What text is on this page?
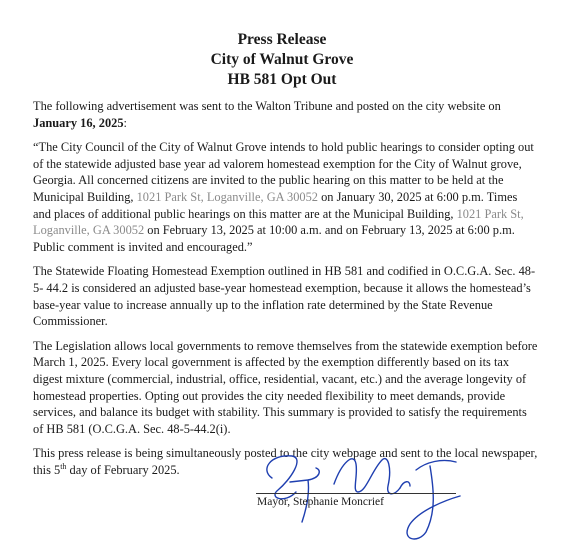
Press Release
City of Walnut Grove
HB 581 Opt Out

The following advertisement was sent to the Walton Tribune and posted on the city website on January 16, 2025:

“The City Council of the City of Walnut Grove intends to hold public hearings to consider opting out of the statewide adjusted base year ad valorem homestead exemption for the City of Walnut grove, Georgia. All concerned citizens are invited to the public hearing on this matter to be held at the Municipal Building, 1021 Park St, Loganville, GA 30052 on January 30, 2025 at 6:00 p.m. Times and places of additional public hearings on this matter are at the Municipal Building, 1021 Park St, Loganville, GA 30052 on February 13, 2025 at 10:00 a.m. and on February 13, 2025 at 6:00 p.m. Public comment is invited and encouraged.”

The Statewide Floating Homestead Exemption outlined in HB 581 and codified in O.C.G.A. Sec. 48-5- 44.2 is considered an adjusted base-year homestead exemption, because it allows the homestead’s base-year value to increase annually up to the inflation rate determined by the State Revenue Commissioner.

The Legislation allows local governments to remove themselves from the statewide exemption before March 1, 2025. Every local government is affected by the exemption differently based on its tax digest mixture (commercial, industrial, office, residential, vacant, etc.) and the average longevity of homestead properties. Opting out provides the city needed flexibility to meet demands, provide services, and balance its budget with stability. This summary is provided to satisfy the requirements of HB 581 (O.C.G.A. Sec. 48-5-44.2(i).

This press release is being simultaneously posted to the city webpage and sent to the local newspaper, this 5th day of February 2025.

Mayor, Stephanie Moncrief
